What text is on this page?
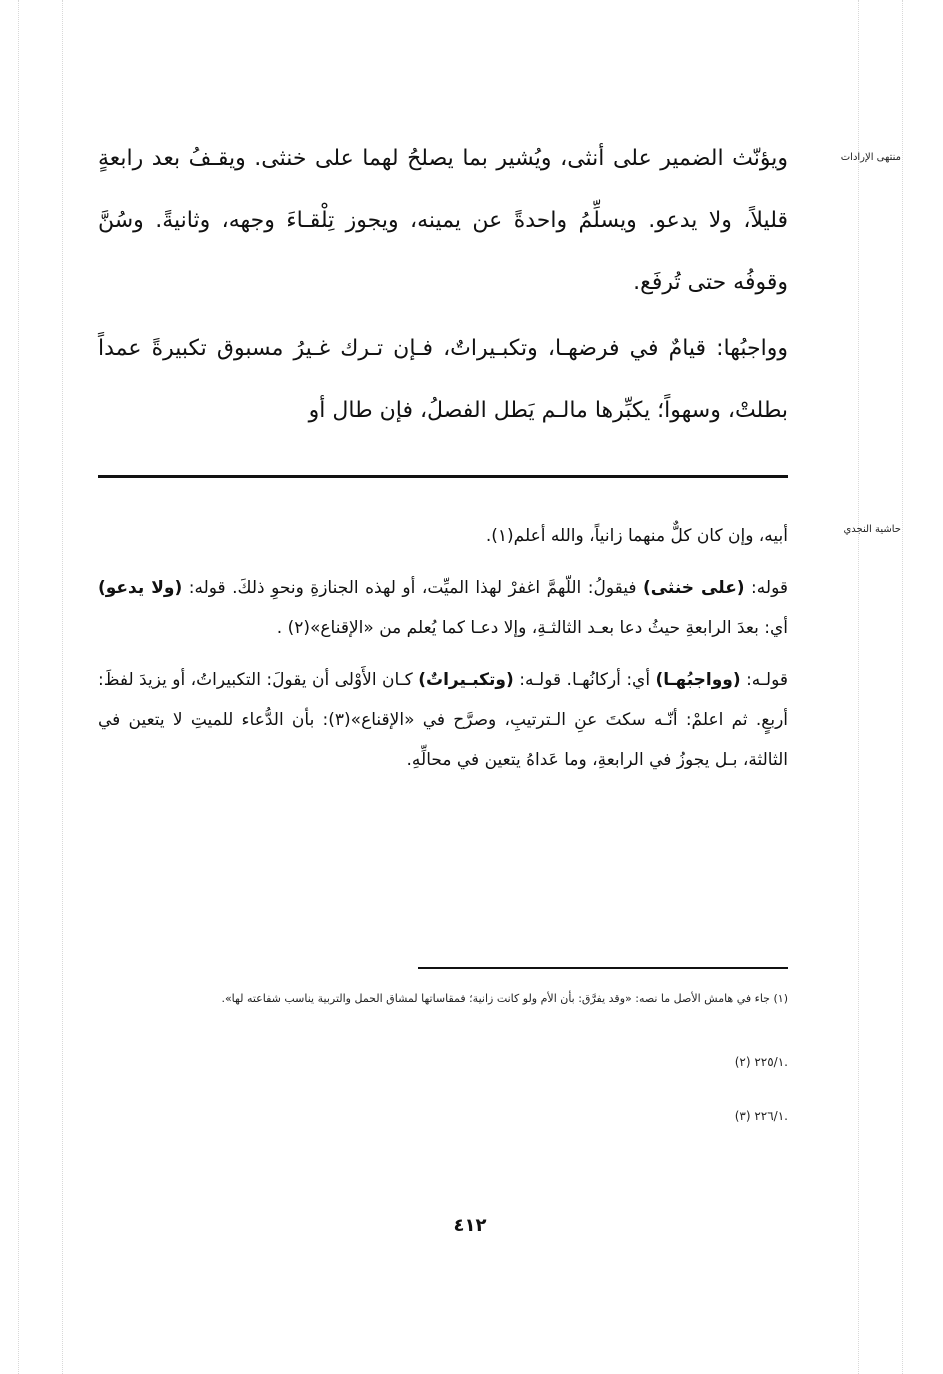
منتهى الإرادات

ويؤنّث الضمير على أنثى، ويُشير بما يصلحُ لهما على خنثى. ويقـفُ بعد رابعةٍ قليلاً، ولا يدعو. ويسلِّمُ واحدةً عن يمينه، ويجوز تِلْقـاءَ وجهه، وثانيةً. وسُنَّ وقوفُه حتى تُرفَع.

وواجبُها: قيامٌ في فرضهـا، وتكبـيراتٌ، فـإن تـرك غـيرُ مسبوق تكبيرةً عمداً بطلتْ، وسهواً؛ يكبِّرها مالـم يَطل الفصلُ، فإن طال أو

حاشية النجدي

أبيه، وإن كان كلٌّ منهما زانياً، والله أعلم(١).

قوله: (على خنثى) فيقولُ: اللّهمَّ اغفرْ لهذا الميِّت، أو لهذه الجنازةِ ونحوِ ذلكَ. قوله: (ولا يدعو) أي: بعدَ الرابعةِ حيثُ دعا بعـد الثالثـةِ، وإلا دعـا كما يُعلم من «الإقناع»(٢) .

قولـه: (وواجبُهـا) أي: أركانُهـا. قولـه: (وتكبـيراتٌ) كـان الأَوْلى أن يقولَ: التكبيراتُ، أو يزيدَ لفظَ: أربعٍ. ثم اعلمْ: أنّـه سكتَ عنِ الـترتيبِ، وصرَّح في «الإقناع»(٣): بأن الدُّعاء للميتِ لا يتعين في الثالثة، بـل يجوزُ في الرابعةِ، وما عَداهُ يتعين في محالِّهِ.

(١) جاء في هامش الأصل ما نصه: «وقد يفرَّق: بأن الأم ولو كانت زانية؛ فمقاساتها لمشاق الحمل والتربية يناسب شفاعته لها».

.٢٢٥/١ (٢)

.٢٢٦/١ (٣)

٤١٢
